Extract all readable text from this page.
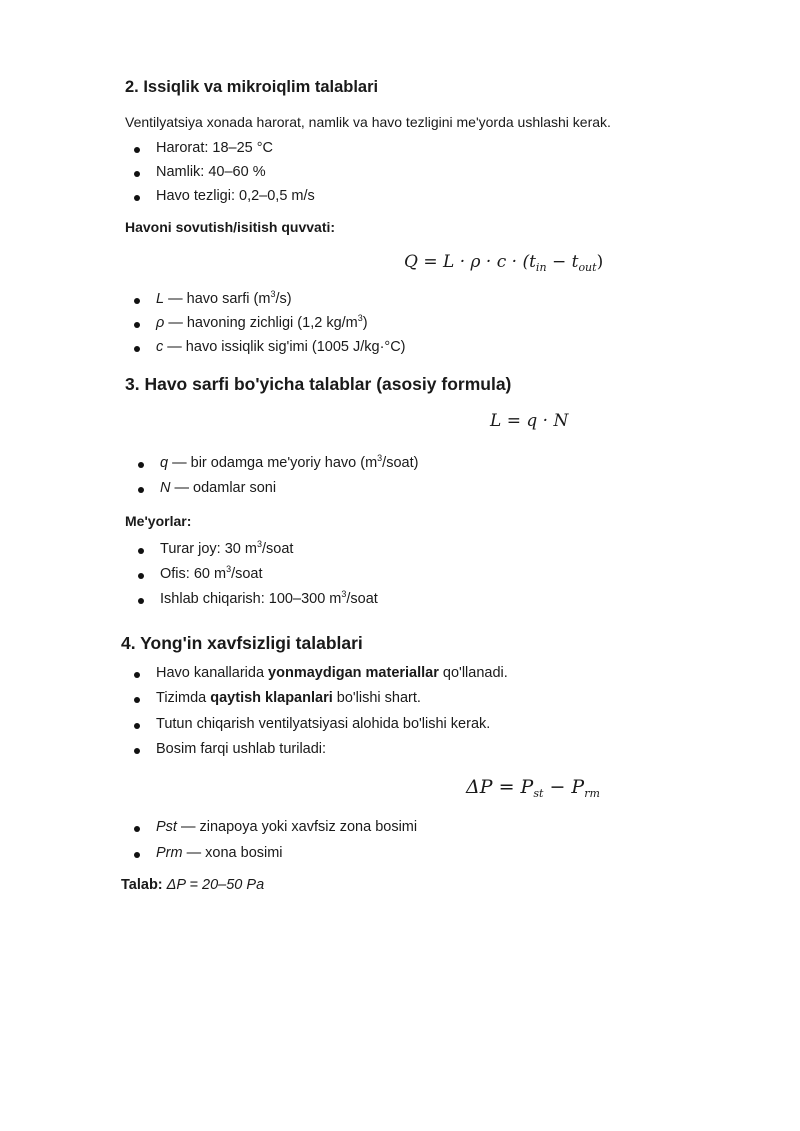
2. Issiqlik va mikroiqlim talablari
Ventilyatsiya xonada harorat, namlik va havo tezligini me'yorda ushlashi kerak.
Harorat: 18–25 °C
Namlik: 40–60 %
Havo tezligi: 0,2–0,5 m/s
Havoni sovutish/isitish quvvati:
$Q = L \cdot \rho \cdot c \cdot (t_{in} - t_{out})$
L — havo sarfi $(m^3/s)$
ρ — havoning zichligi (1,2 $kg/m^3$)
c — havo issiqlik sig'imi (1005 J/kg·°C)
3. Havo sarfi bo'yicha talablar (asosiy formula)
L = q · N
q — bir odamga me'yoriy havo $(m^3/soat)$
N — odamlar soni
Me'yorlar:
Turar joy: 30 $m^3$/soat
Ofis: 60 $m^3$/soat
Ishlab chiqarish: 100–300 $m^3$/soat
4. Yong'in xavfsizligi talablari
Havo kanallarida yonmaydigan materiallar qo'llanadi.
Tizimda qaytish klapanlari bo'lishi shart.
Tutun chiqarish ventilyatsiyasi alohida bo'lishi kerak.
Bosim farqi ushlab turiladi:
$\Delta P = P_{st} - P_{rm}$
Pst — zinapoya yoki xavfsiz zona bosimi
Prm — xona bosimi
Talab: ΔP = 20–50 Pa
